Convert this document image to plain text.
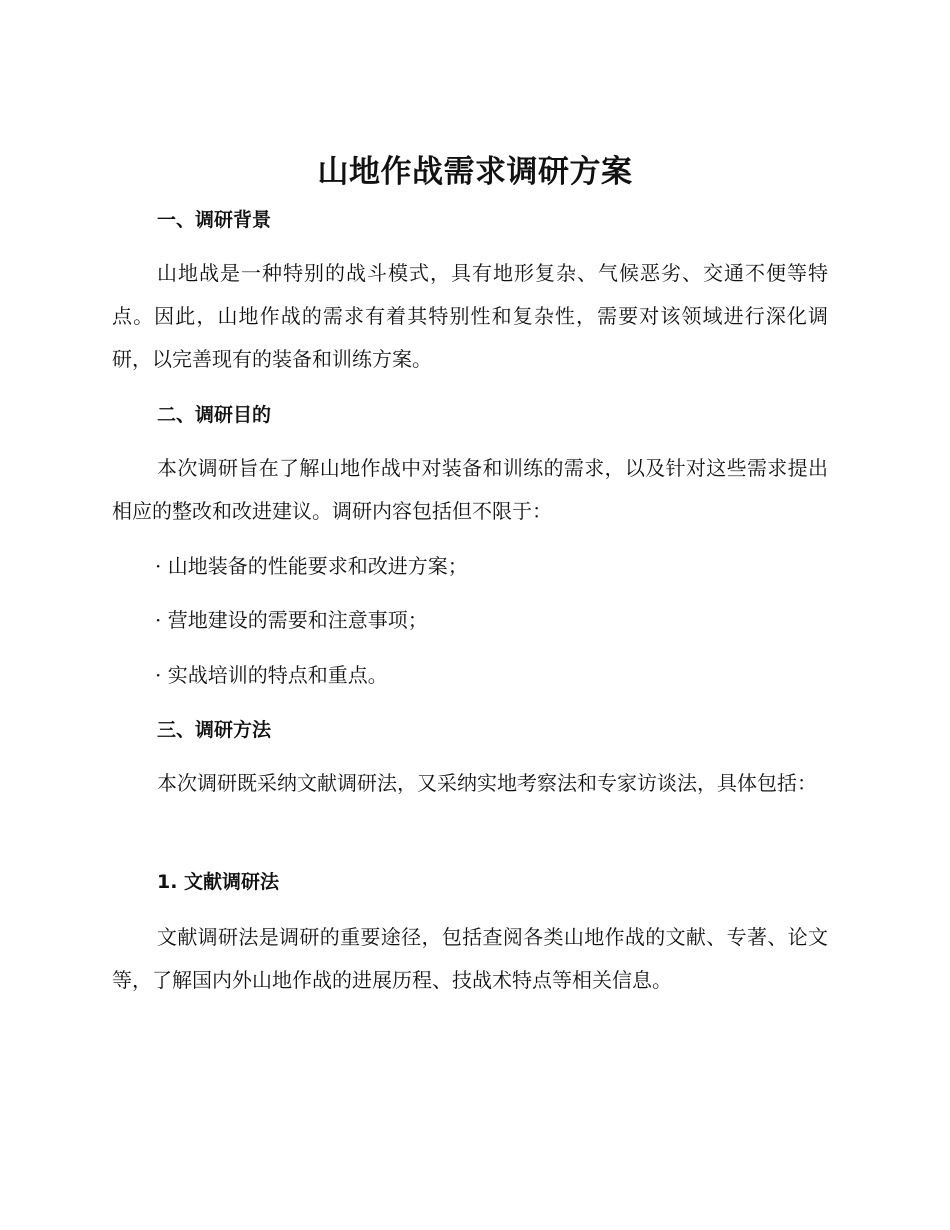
山地作战需求调研方案
一、调研背景
山地战是一种特别的战斗模式，具有地形复杂、气候恶劣、交通不便等特点。因此，山地作战的需求有着其特别性和复杂性，需要对该领域进行深化调研，以完善现有的装备和训练方案。
二、调研目的
本次调研旨在了解山地作战中对装备和训练的需求，以及针对这些需求提出相应的整改和改进建议。调研内容包括但不限于：
· 山地装备的性能要求和改进方案；
· 营地建设的需要和注意事项；
· 实战培训的特点和重点。
三、调研方法
本次调研既采纳文献调研法，又采纳实地考察法和专家访谈法，具体包括：
1. 文献调研法
文献调研法是调研的重要途径，包括查阅各类山地作战的文献、专著、论文等，了解国内外山地作战的进展历程、技战术特点等相关信息。
